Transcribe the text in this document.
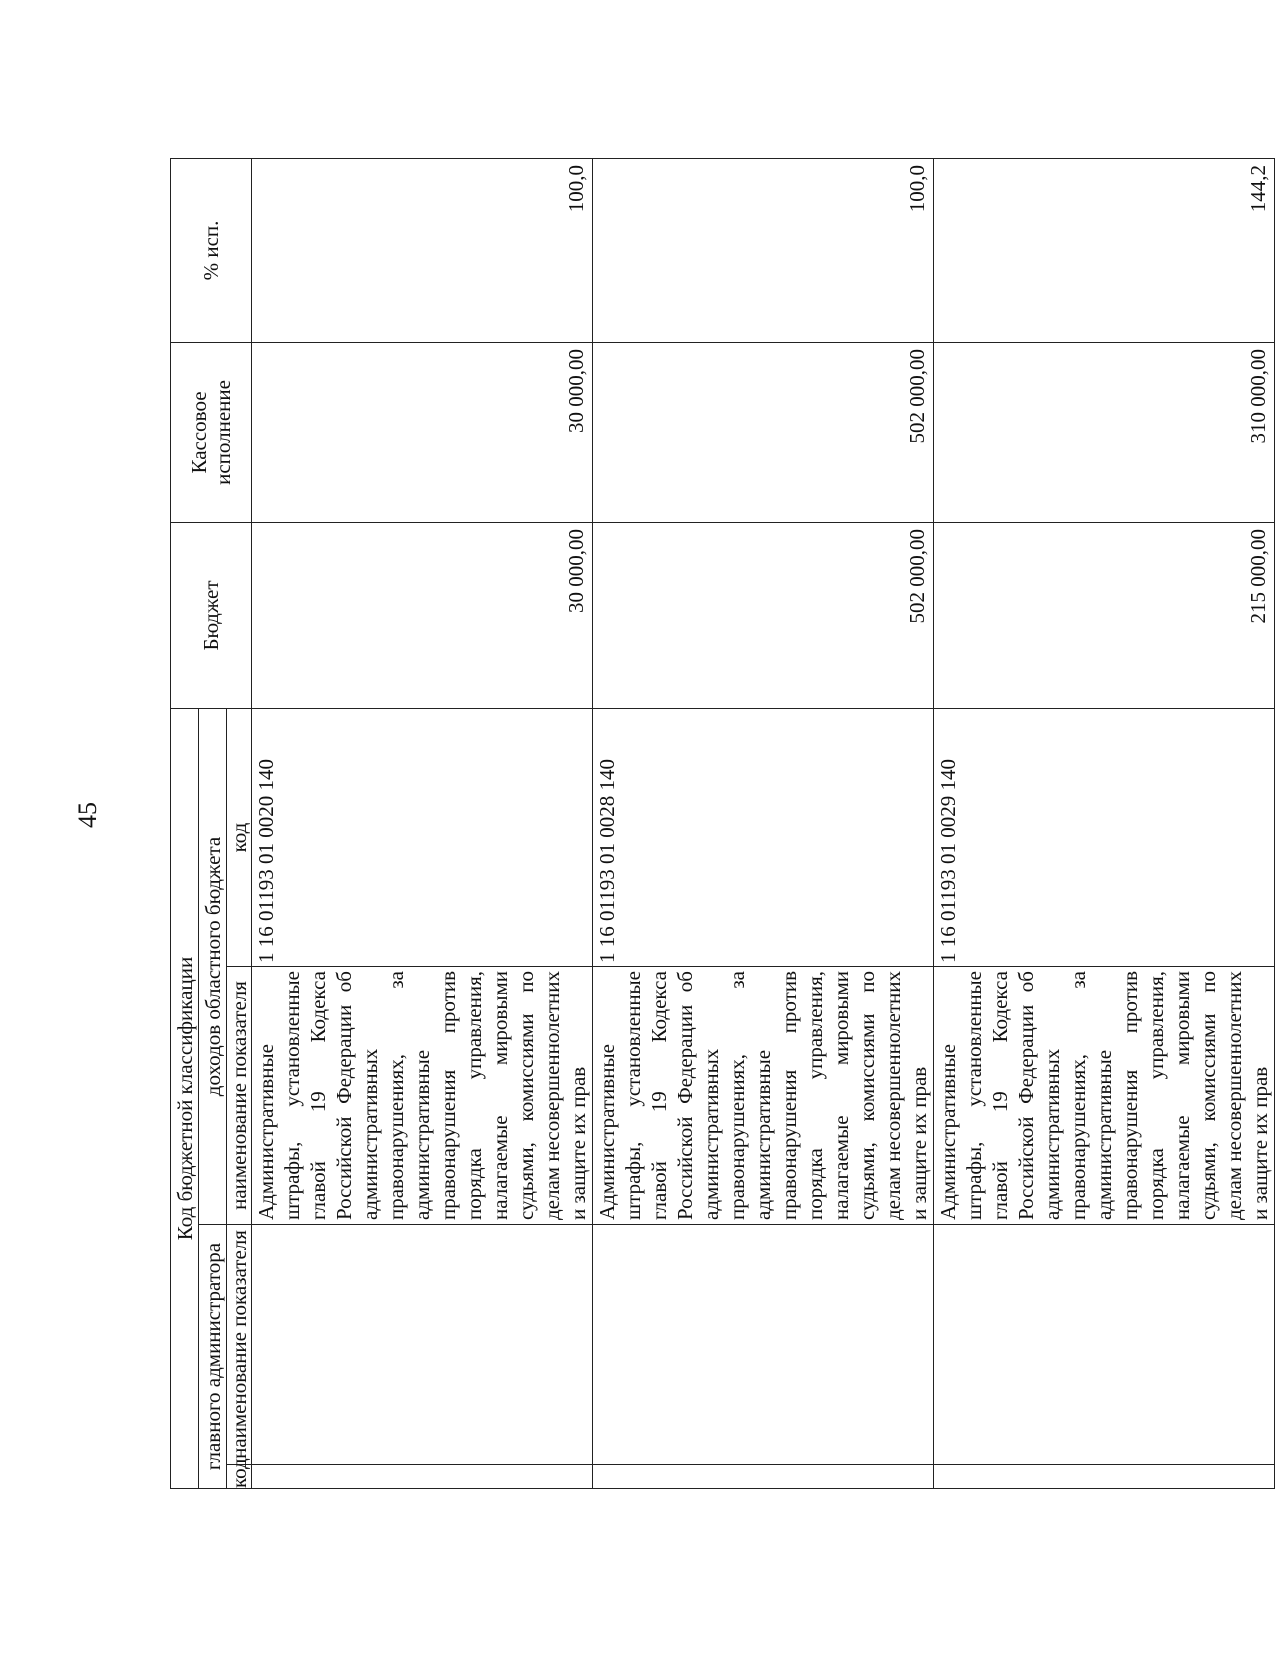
45
Код бюджетной классификации				Бюджет	Кассовое исполнение	% исп.
главного администратора		доходов областного бюджета				
код	наименование показателя	наименование показателя	код			
		Административные штрафы, установленные главой 19 Кодекса Российской Федерации об административных правонарушениях, за административные правонарушения против порядка управления, налагаемые мировыми судьями, комиссиями по делам несовершеннолетних и защите их прав	1 16 01193 01 0020 140	30 000,00	30 000,00	100,0
		Административные штрафы, установленные главой 19 Кодекса Российской Федерации об административных правонарушениях, за административные правонарушения против порядка управления, налагаемые мировыми судьями, комиссиями по делам несовершеннолетних и защите их прав	1 16 01193 01 0028 140	502 000,00	502 000,00	100,0
		Административные штрафы, установленные главой 19 Кодекса Российской Федерации об административных правонарушениях, за административные правонарушения против порядка управления, налагаемые мировыми судьями, комиссиями по делам несовершеннолетних и защите их прав	1 16 01193 01 0029 140	215 000,00	310 000,00	144,2
